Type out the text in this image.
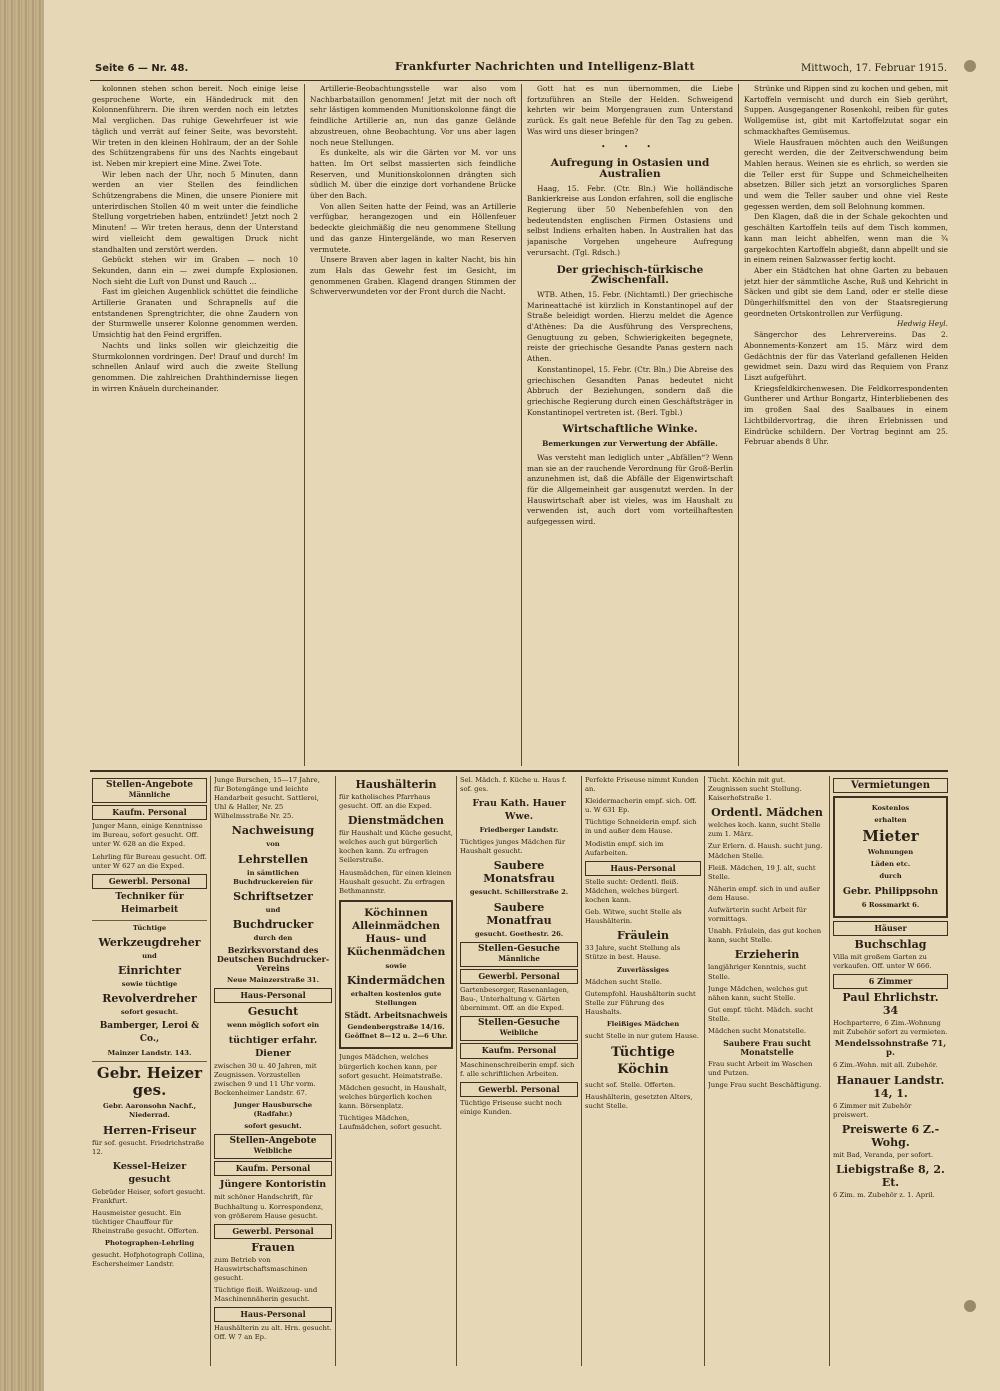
Seite 6 — Nr. 48.	Frankfurter Nachrichten und Intelligenz-Blatt	Mittwoch, 17. Februar 1915.

kolonnen stehen schon bereit. Noch einige leise gesprochene Worte, ein Händedruck mit den Kolonnenführern. Die ihren werden noch ein letztes Mal verglichen. Das ruhige Gewehrfeuer ist wie täglich und verrät auf feiner Seite, was bevorsteht. Wir treten in den kleinen Hohlraum, der an der Sohle des Schützengrabens für uns des Nachts eingebaut ist. Neben mir krepiert eine Mine. Zwei Tote.

Wir leben nach der Uhr, noch 5 Minuten, dann werden an vier Stellen des feindlichen Schützengrabens die Minen, die unsere Pioniere mit unterirdischen Stollen 40 m weit unter die feindliche Stellung vorgetrieben haben, entzündet! Jetzt noch 2 Minuten! — Wir treten heraus, denn der Unterstand wird vielleicht dem gewaltigen Druck nicht standhalten und zerstört werden.

Gebückt stehen wir im Graben — noch 10 Sekunden, dann ein — zwei dumpfe Explosionen. Noch sieht die Luft von Dunst und Rauch ...

Fast im gleichen Augenblick schüttet die feindliche Artillerie Granaten und Schrapnells auf die entstandenen Sprengtrichter, die ohne Zaudern von der Sturmwelle unserer Kolonne genommen werden. Umsichtig hat den Feind ergriffen.

Nachts und links sollen wir gleichzeitig die Sturmkolonnen vordringen. Der! Drauf und durch! Im schnellen Anlauf wird auch die zweite Stellung genommen. Die zahlreichen Drahthindernisse liegen in wirren Knäueln durcheinander.

Artillerie-Beobachtungsstelle war also vom Nachbarbataillon genommen! Jetzt mit der noch oft sehr lästigen kommenden Munitionskolonne fängt die feindliche Artillerie an, nun das ganze Gelände abzustreuen, ohne Beobachtung. Vor uns aber lagen noch neue Stellungen.

Es dunkelte, als wir die Gärten vor M. vor uns hatten. Im Ort selbst massierten sich feindliche Reserven, und Munitionskolonnen drängten sich südlich M. über die einzige dort vorhandene Brücke über den Bach.

Von allen Seiten hatte der Feind, was an Artillerie verfügbar, herangezogen und ein Höllenfeuer bedeckte gleichmäßig die neu genommene Stellung und das ganze Hintergelände, wo man Reserven vermutete.

Unsere Braven aber lagen in kalter Nacht, bis hin zum Hals das Gewehr fest im Gesicht, im genommenen Graben. Klagend drangen Stimmen der Schwerverwundeten vor der Front durch die Nacht.

Gott hat es nun übernommen, die Liebe fortzuführen an Stelle der Helden. Schweigend kehrten wir beim Morgengrauen zum Unterstand zurück. Es galt neue Befehle für den Tag zu geben. Was wird uns dieser bringen?

• • •
Aufregung in Ostasien und Australien

Haag, 15. Febr. (Ctr. Bln.) Wie holländische Bankierkreise aus London erfahren, soll die englische Regierung über 50 Nebenbefehlen von den bedeutendsten englischen Firmen Ostasiens und selbst Indiens erhalten haben. In Australien hat das japanische Vorgehen ungeheure Aufregung verursacht. (Tgl. Rdsch.)

Der griechisch-türkische Zwischenfall.

WTB. Athen, 15. Febr. (Nichtamtl.) Der griechische Marineattaché ist kürzlich in Konstantinopel auf der Straße beleidigt worden. Hierzu meldet die Agence d'Athènes: Da die Ausführung des Versprechens, Genugtuung zu geben, Schwierigkeiten begegnete, reiste der griechische Gesandte Panas gestern nach Athen.

Konstantinopel, 15. Febr. (Ctr. Bln.) Die Abreise des griechischen Gesandten Panas bedeutet nicht Abbruch der Beziehungen, sondern daß die griechische Regierung durch einen Geschäftsträger in Konstantinopel vertreten ist. (Berl. Tgbl.)

Wirtschaftliche Winke.
Bemerkungen zur Verwertung der Abfälle.

Was versteht man lediglich unter „Abfällen“? Wenn man sie an der rauchende Verordnung für Groß-Berlin anzunehmen ist, daß die Abfälle der Eigenwirtschaft für die Allgemeinheit gar ausgenutzt werden. In der Hauswirtschaft aber ist vieles, was im Haushalt zu verwenden ist, auch dort vom vorteilhaftesten aufgegessen wird.

Strünke und Rippen sind zu kochen und geben, mit Kartoffeln vermischt und durch ein Sieb gerührt, Suppen. Ausgegangener Rosenkohl, reiben für gutes Wollgemüse ist, gibt mit Kartoffelzutat sogar ein schmackhaftes Gemüsemus.

Wiele Hausfrauen möchten auch den Weißungen gerecht werden, die der Zeitverschwendung beim Mahlen heraus. Weinen sie es ehrlich, so werden sie die Teller erst für Suppe und Schmeichelheiten absetzen. Biller sich jetzt an vorsorgliches Sparen und wem die Teller sauber und ohne viel Reste gegessen werden, dem soll Belohnung kommen.

Den Klagen, daß die in der Schale gekochten und geschälten Kartoffeln teils auf dem Tisch kommen, kann man leicht abhelfen, wenn man die ¾ gargekochten Kartoffeln abgießt, dann abpellt und sie in einem reinen Salzwasser fertig kocht.

Aber ein Städtchen hat ohne Garten zu bebauen jetzt hier der sämmtliche Asche, Ruß und Kehricht in Säcken und gibt sie dem Land, oder er stelle diese Düngerhilfsmittel den von der Staatsregierung geordneten Ortskontrollen zur Verfügung.

Hedwig Heyl.

Sängerchor des Lehrervereins. Das 2. Abonnements-Konzert am 15. März wird dem Gedächtnis der für das Vaterland gefallenen Helden gewidmet sein. Dazu wird das Requiem von Franz Liszt aufgeführt.

Kriegsfeldkirchenwesen. Die Feldkorrespondenten Guntherer und Arthur Bongartz, Hinterbliebenen des im großen Saal des Saalbaues in einem Lichtbildervortrag, die ihren Erlebnissen und Eindrücke schildern. Der Vortrag beginnt am 25. Februar abends 8 Uhr.

Stellen-Angebote
Männliche
Kaufm. Personal
Junger Mann, einige Kenntnisse im Bureau, sofort gesucht. Off. unter W. 628 an die Exped.
Lehrling für Bureau gesucht. Off. unter W 627 an die Exped.
Gewerbl. Personal
Techniker für Heimarbeit
Tüchtige
Werkzeugdreher
und
Einrichter
sowie tüchtige
Revolverdreher
sofort gesucht.
Bamberger, Leroi & Co.,
Mainzer Landstr. 143.
Gebr. Heizer ges.
Gebr. Aaronsohn Nachf., Niederrad.
Herren-Friseur
für sof. gesucht. Friedrichstraße 12.
Kessel-Heizer gesucht
Gebrüder Heiser, sofort gesucht. Frankfurt.
Hausmeister gesucht. Ein tüchtiger Chauffeur für Rheinstraße gesucht. Offerten.
Photographen-Lehrling
gesucht. Hofphotograph Collina, Eschersheimer Landstr.
Junge Burschen, 15—17 Jahre, für Botengänge und leichte Handarbeit gesucht. Sattlerei, Uhl & Haller, Nr. 25 Wilhelmsstraße Nr. 25.
Nachweisung
von
Lehrstellen
in sämtlichen Buchdruckereien für
Schriftsetzer
und
Buchdrucker
durch den
Bezirksvorstand des Deutschen Buchdrucker-Vereins
Neue Mainzerstraße 31.
Haus-Personal
Gesucht
wenn möglich sofort ein
tüchtiger erfahr. Diener
zwischen 30 u. 40 Jahren, mit Zeugnissen. Vorzustellen zwischen 9 und 11 Uhr vorm. Bockenheimer Landstr. 67.
Junger Hausbursche (Radfahr.)
sofort gesucht.
Stellen-Angebote
Weibliche
Kaufm. Personal
Jüngere Kontoristin
mit schöner Handschrift, für Buchhaltung u. Korrespondenz, von größerem Hause gesucht.
Gewerbl. Personal
Frauen
zum Betrieb von Hauswirtschaftsmaschinen gesucht.
Tüchtige fleiß. Weißzeug- und Maschinennäherin gesucht.
Haus-Personal
Haushälterin zu alt. Hrn. gesucht. Off. W 7 an Ep.
Haushälterin
für katholisches Pfarrhaus gesucht. Off. an die Exped.
Dienstmädchen
für Haushalt und Küche gesucht, welches auch gut bürgerlich kochen kann. Zu erfragen Seilerstraße.
Hausmädchen, für einen kleinen Haushalt gesucht. Zu erfragen Bethmannstr.
Köchinnen Alleinmädchen Haus- und Küchenmädchen
sowie
Kindermädchen
erhalten kostenlos gute Stellungen
Städt. Arbeitsnachweis
Gendenbergstraße 14/16. Geöffnet 8—12 u. 2—6 Uhr.
Junges Mädchen, welches bürgerlich kochen kann, per sofort gesucht. Heimatstraße.
Mädchen gesucht, in Haushalt, welches bürgerlich kochen kann. Börsenplatz.
Tüchtiges Mädchen, Laufmädchen, sofort gesucht.
Sel. Mädch. f. Küche u. Haus f. sof. ges.
Frau Kath. Hauer Wwe.
Friedberger Landstr.
Tüchtiges junges Mädchen für Haushalt gesucht.
Saubere Monatsfrau
gesucht. Schillerstraße 2.
Saubere Monatfrau
gesucht. Goethestr. 26.
Stellen-Gesuche
Männliche
Gewerbl. Personal
Gartenbesorger, Rasenanlagen, Bau-, Unterhaltung v. Gärten übernimmt. Off. an die Exped.
Stellen-Gesuche
Weibliche
Kaufm. Personal
Maschinenschreiberin empf. sich f. alle schriftlichen Arbeiten.
Gewerbl. Personal
Tüchtige Friseuse sucht noch einige Kunden.
Perfekte Friseuse nimmt Kunden an.
Kleidermacherin empf. sich. Off. u. W 631 Ep.
Tüchtige Schneiderin empf. sich in und außer dem Hause.
Modistin empf. sich im Aufarbeiten.
Haus-Personal
Stelle sucht: Ordentl. fleiß. Mädchen, welches bürgerl. kochen kann.
Geb. Witwe, sucht Stelle als Haushälterin.
Fräulein
33 Jahre, sucht Stellung als Stütze in best. Hause.
Zuverlässiges
Mädchen sucht Stelle.
Gutempfohl. Haushälterin sucht Stelle zur Führung des Haushalts.
Fleißiges Mädchen
sucht Stelle in nur gutem Hause.
Tüchtige Köchin
sucht sof. Stelle. Offerten.
Haushälterin, gesetzten Alters, sucht Stelle.
Tücht. Köchin mit gut. Zeugnissen sucht Stellung. Kaiserhofstraße 1.
Ordentl. Mädchen
welches koch. kann, sucht Stelle zum 1. März.
Zur Erlern. d. Haush. sucht jung. Mädchen Stelle.
Fleiß. Mädchen, 19 J. alt, sucht Stelle.
Näherin empf. sich in und außer dem Hause.
Aufwärterin sucht Arbeit für vormittags.
Unabh. Fräulein, das gut kochen kann, sucht Stelle.
Erzieherin
langjähriger Kenntnis, sucht Stelle.
Junge Mädchen, welches gut nähen kann, sucht Stelle.
Gut empf. tücht. Mädch. sucht Stelle.
Mädchen sucht Monatstelle.
Saubere Frau sucht Monatstelle
Frau sucht Arbeit im Waschen und Putzen.
Junge Frau sucht Beschäftigung.
Vermietungen
Kostenlos
erhalten
Mieter
Wohnungen
Läden etc.
durch
Gebr. Philippsohn
6 Rossmarkt 6.
Häuser
Buchschlag
Villa mit großem Garten zu verkaufen. Off. unter W 666.
6 Zimmer
Paul Ehrlichstr. 34
Hochparterre, 6 Zim.-Wohnung mit Zubehör sofort zu vermieten.
Mendelssohnstraße 71, p.
6 Zim.-Wohn. mit all. Zubehör.
Hanauer Landstr. 14, 1.
6 Zimmer mit Zubehör preiswert.
Preiswerte 6 Z.-Wohg.
mit Bad, Veranda, per sofort.
Liebigstraße 8, 2. Et.
6 Zim. m. Zubehör z. 1. April.
